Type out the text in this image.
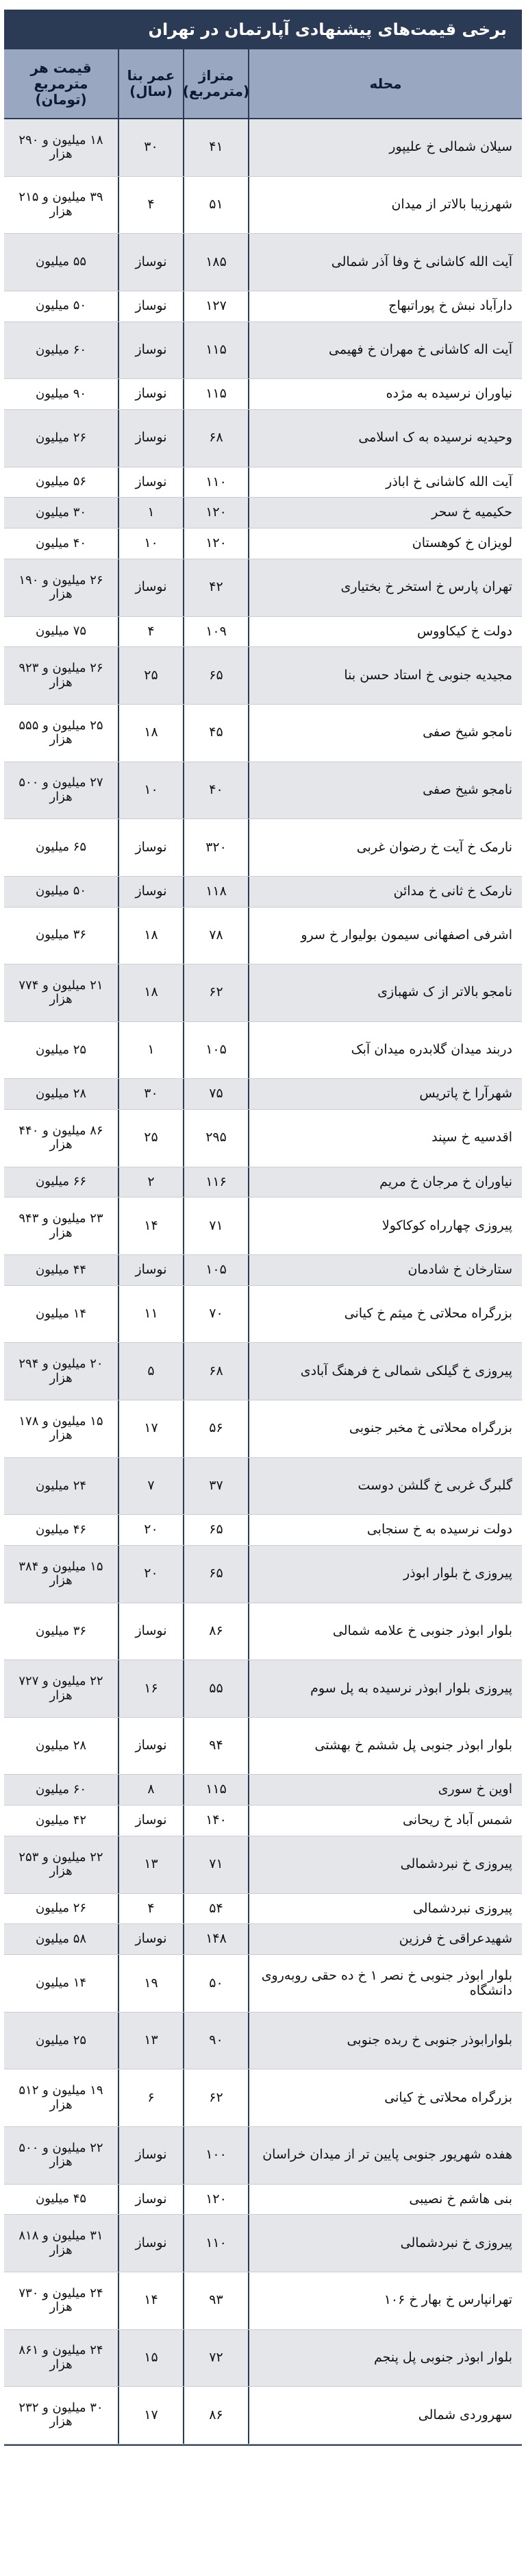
برخی قیمت‌های پیشنهادی آپارتمان در تهران
محله
متراژ (مترمربع)
عمر بنا (سال)
قیمت هر مترمربع (تومان)
سیلان شمالی خ علیپور
۴۱
۳۰
۱۸ میلیون و ۲۹۰ هزار
شهرزیبا بالاتر از میدان
۵۱
۴
۳۹ میلیون و ۲۱۵ هزار
آیت الله کاشانی خ وفا آذر شمالی
۱۸۵
نوساز
۵۵ میلیون
دارآباد نبش خ پوراتبهاج
۱۲۷
نوساز
۵۰ میلیون
آیت اله کاشانی خ مهران خ فهیمی
۱۱۵
نوساز
۶۰ میلیون
نیاوران نرسیده به مژده
۱۱۵
نوساز
۹۰ میلیون
وحیدیه نرسیده به ک اسلامی
۶۸
نوساز
۲۶ میلیون
آیت الله کاشانی خ اباذر
۱۱۰
نوساز
۵۶ میلیون
حکیمیه خ سحر
۱۲۰
۱
۳۰ میلیون
لویزان خ کوهستان
۱۲۰
۱۰
۴۰ میلیون
تهران پارس خ استخر خ بختیاری
۴۲
نوساز
۲۶ میلیون و ۱۹۰ هزار
دولت خ کیکاووس
۱۰۹
۴
۷۵ میلیون
مجیدیه جنوبی خ استاد حسن بنا
۶۵
۲۵
۲۶ میلیون و ۹۲۳ هزار
نامجو شیخ صفی
۴۵
۱۸
۲۵ میلیون و ۵۵۵ هزار
نامجو شیخ صفی
۴۰
۱۰
۲۷ میلیون و ۵۰۰ هزار
نارمک خ آیت خ رضوان غربی
۳۲۰
نوساز
۶۵ میلیون
نارمک خ ثانی خ مدائن
۱۱۸
نوساز
۵۰ میلیون
اشرفی اصفهانی سیمون بولیوار خ سرو
۷۸
۱۸
۳۶ میلیون
نامجو بالاتر از ک شهبازی
۶۲
۱۸
۲۱ میلیون و ۷۷۴ هزار
دربند میدان گلابدره میدان آبک
۱۰۵
۱
۲۵ میلیون
شهرآرا خ پاتریس
۷۵
۳۰
۲۸ میلیون
اقدسیه خ سپند
۲۹۵
۲۵
۸۶ میلیون و ۴۴۰ هزار
نیاوران خ مرجان خ مریم
۱۱۶
۲
۶۶ میلیون
پیروزی چهارراه کوکاکولا
۷۱
۱۴
۲۳ میلیون و ۹۴۳ هزار
ستارخان خ شادمان
۱۰۵
نوساز
۴۴ میلیون
بزرگراه محلاتی خ میثم خ کیانی
۷۰
۱۱
۱۴ میلیون
پیروزی خ گیلکی شمالی خ فرهنگ آبادی
۶۸
۵
۲۰ میلیون و ۲۹۴ هزار
بزرگراه محلاتی خ مخبر جنوبی
۵۶
۱۷
۱۵ میلیون و ۱۷۸ هزار
گلبرگ غربی خ گلشن دوست
۳۷
۷
۲۴ میلیون
دولت نرسیده به خ سنجابی
۶۵
۲۰
۴۶ میلیون
پیروزی خ بلوار ابوذر
۶۵
۲۰
۱۵ میلیون و ۳۸۴ هزار
بلوار ابوذر جنوبی خ علامه شمالی
۸۶
نوساز
۳۶ میلیون
پیروزی بلوار ابوذر نرسیده به پل سوم
۵۵
۱۶
۲۲ میلیون و ۷۲۷ هزار
بلوار ابوذر جنوبی پل ششم خ بهشتی
۹۴
نوساز
۲۸ میلیون
اوین خ سوری
۱۱۵
۸
۶۰ میلیون
شمس آباد خ ریحانی
۱۴۰
نوساز
۴۲ میلیون
پیروزی خ نبردشمالی
۷۱
۱۳
۲۲ میلیون و ۲۵۳ هزار
پیروزی نبردشمالی
۵۴
۴
۲۶ میلیون
شهیدعراقی خ فرزین
۱۴۸
نوساز
۵۸ میلیون
بلوار ابوذر جنوبی خ نصر ۱ خ ده حقی روبه‌روی دانشگاه
۵۰
۱۹
۱۴ میلیون
بلوارابوذر جنوبی خ ربده جنوبی
۹۰
۱۳
۲۵ میلیون
بزرگراه محلاتی خ کیانی
۶۲
۶
۱۹ میلیون و ۵۱۲ هزار
هفده شهریور جنوبی پایین تر از میدان خراسان
۱۰۰
نوساز
۲۲ میلیون و ۵۰۰ هزار
بنی هاشم خ نصیبی
۱۲۰
نوساز
۴۵ میلیون
پیروزی خ نبردشمالی
۱۱۰
نوساز
۳۱ میلیون و ۸۱۸ هزار
تهرانپارس خ بهار خ ۱۰۶
۹۳
۱۴
۲۴ میلیون و ۷۳۰ هزار
بلوار ابوذر جنوبی پل پنجم
۷۲
۱۵
۲۴ میلیون و ۸۶۱ هزار
سهروردی شمالی
۸۶
۱۷
۳۰ میلیون و ۲۳۲ هزار
